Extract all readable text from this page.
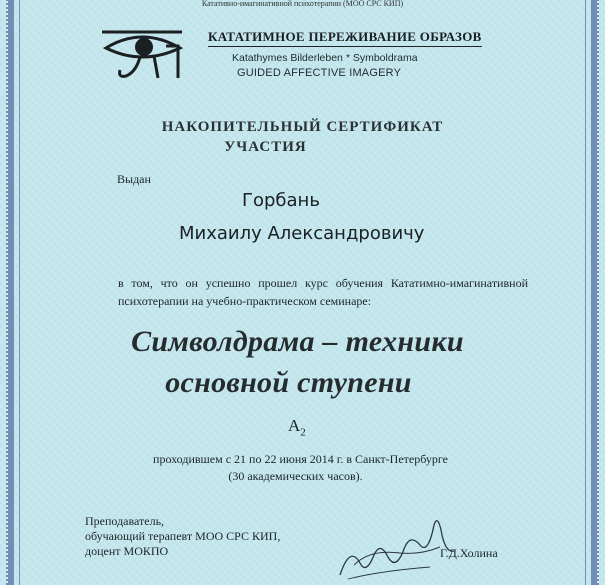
Катативно-имагинативной психотерапии (МОО СРС КИП)
КАТАТИМНОЕ ПЕРЕЖИВАНИЕ ОБРАЗОВ
Katathymes Bilderleben * Symboldrama
GUIDED AFFECTIVE IMAGERY
НАКОПИТЕЛЬНЫЙ СЕРТИФИКАТ
УЧАСТИЯ
Выдан
Горбань
Михаилу Александровичу
в том, что он успешно прошел курс обучения Кататимно-имагинативной психотерапии на учебно-практическом семинаре:
Символдрама – техники
основной ступени
$А_2$
проходившем с 21 по 22 июня 2014 г. в Санкт-Петербурге
(30 академических часов).
Преподаватель,
обучающий терапевт МОО СРС КИП,
доцент МОКПО	Г.Д.Холина
